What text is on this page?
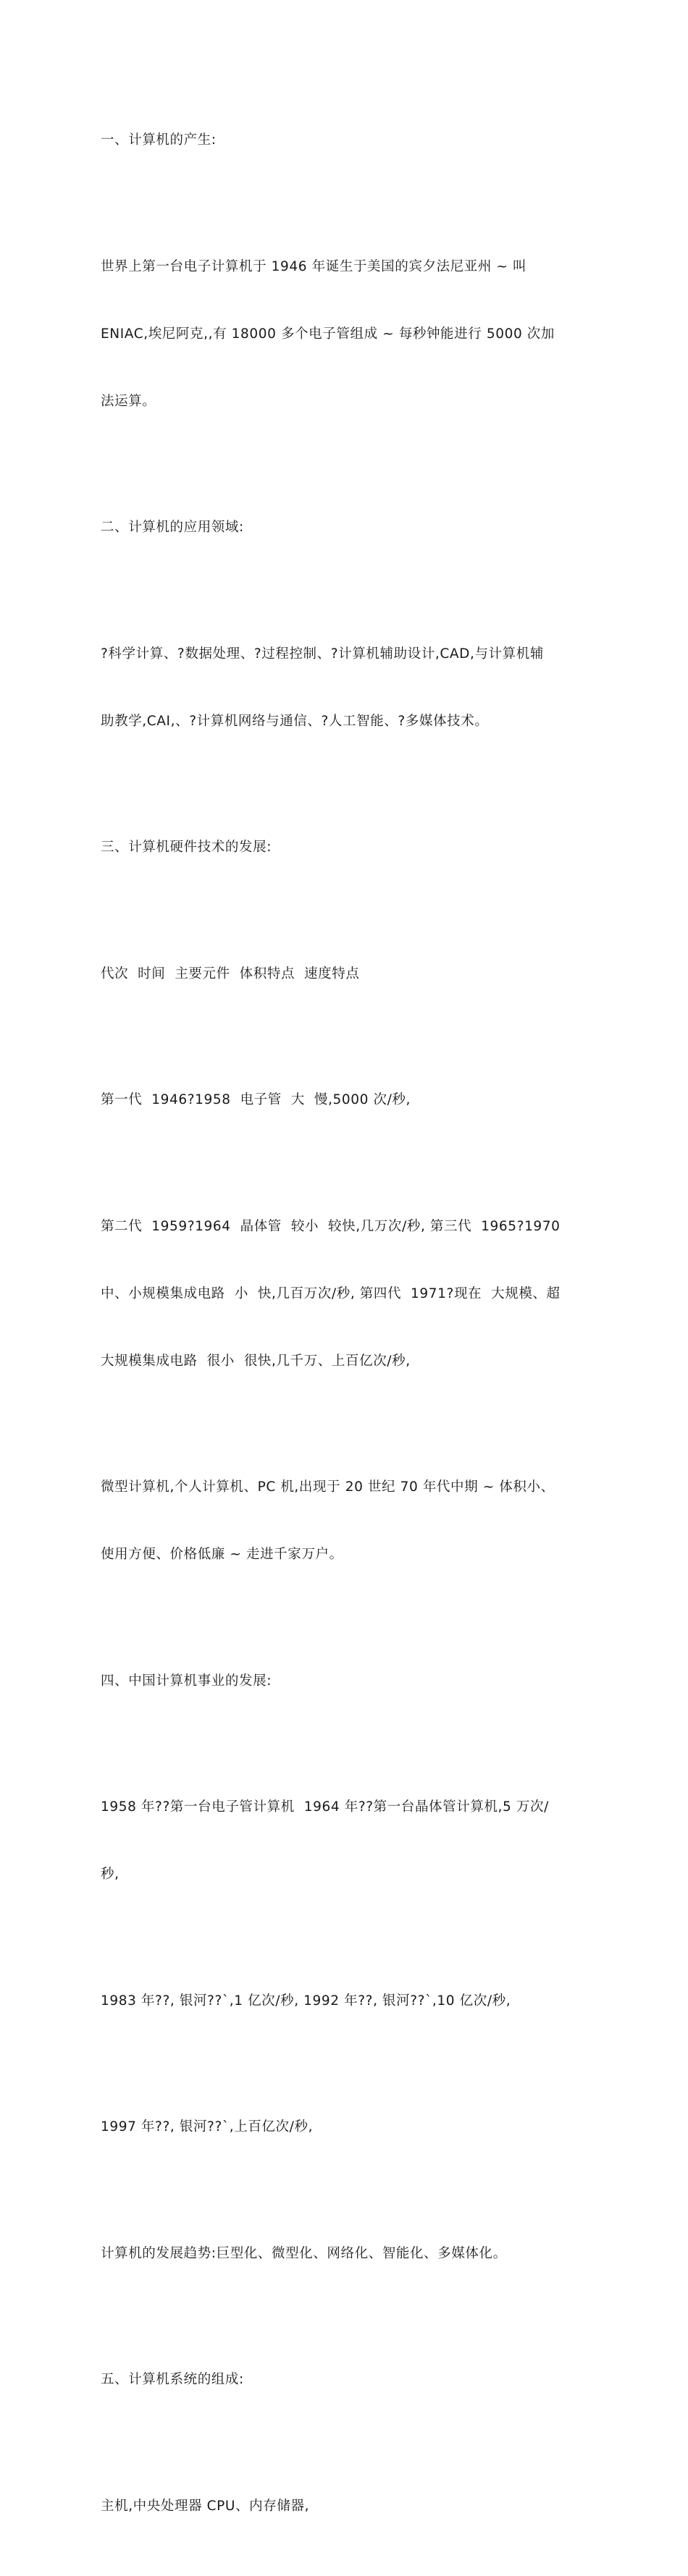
一、计算机的产生:

世界上第一台电子计算机于 1946 年诞生于美国的宾夕法尼亚州 ~ 叫

ENIAC,埃尼阿克,,有 18000 多个电子管组成 ~ 每秒钟能进行 5000 次加

法运算。

二、计算机的应用领域:

?科学计算、?数据处理、?过程控制、?计算机辅助设计,CAD,与计算机辅

助教学,CAI,、?计算机网络与通信、?人工智能、?多媒体技术。

三、计算机硬件技术的发展:

代次  时间  主要元件  体积特点  速度特点

第一代  1946?1958  电子管  大  慢,5000 次/秒,

第二代  1959?1964  晶体管  较小  较快,几万次/秒, 第三代  1965?1970

中、小规模集成电路  小  快,几百万次/秒, 第四代  1971?现在  大规模、超

大规模集成电路  很小  很快,几千万、上百亿次/秒,

微型计算机,个人计算机、PC 机,出现于 20 世纪 70 年代中期 ~ 体积小、

使用方便、价格低廉 ~ 走进千家万户。

四、中国计算机事业的发展:

1958 年??第一台电子管计算机  1964 年??第一台晶体管计算机,5 万次/

秒,

1983 年??, 银河??`,1 亿次/秒, 1992 年??, 银河??`,10 亿次/秒,

1997 年??, 银河??`,上百亿次/秒,

计算机的发展趋势:巨型化、微型化、网络化、智能化、多媒体化。

五、计算机系统的组成:

主机,中央处理器 CPU、内存储器,
